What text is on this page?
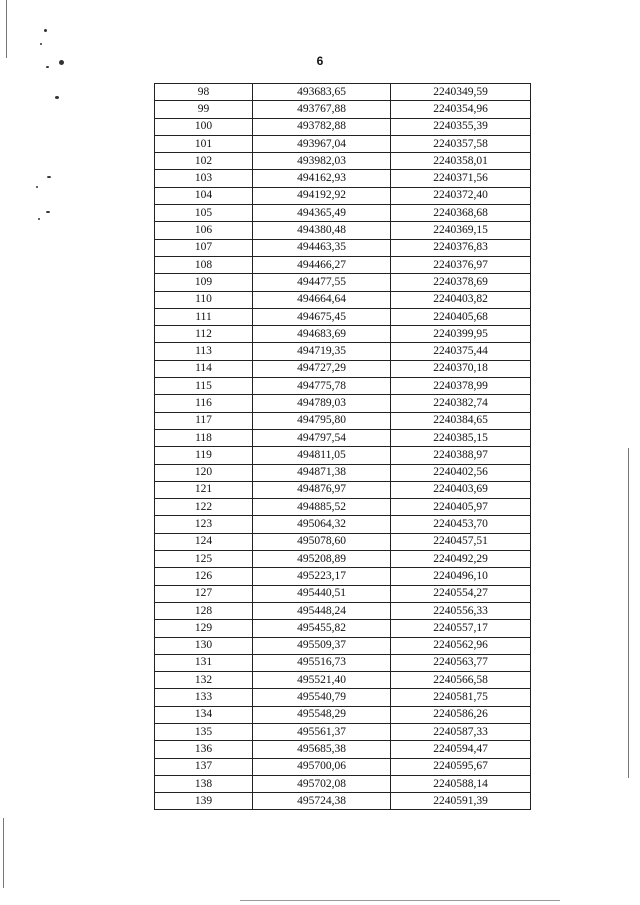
6
98	493683,65	2240349,59
99	493767,88	2240354,96
100	493782,88	2240355,39
101	493967,04	2240357,58
102	493982,03	2240358,01
103	494162,93	2240371,56
104	494192,92	2240372,40
105	494365,49	2240368,68
106	494380,48	2240369,15
107	494463,35	2240376,83
108	494466,27	2240376,97
109	494477,55	2240378,69
110	494664,64	2240403,82
111	494675,45	2240405,68
112	494683,69	2240399,95
113	494719,35	2240375,44
114	494727,29	2240370,18
115	494775,78	2240378,99
116	494789,03	2240382,74
117	494795,80	2240384,65
118	494797,54	2240385,15
119	494811,05	2240388,97
120	494871,38	2240402,56
121	494876,97	2240403,69
122	494885,52	2240405,97
123	495064,32	2240453,70
124	495078,60	2240457,51
125	495208,89	2240492,29
126	495223,17	2240496,10
127	495440,51	2240554,27
128	495448,24	2240556,33
129	495455,82	2240557,17
130	495509,37	2240562,96
131	495516,73	2240563,77
132	495521,40	2240566,58
133	495540,79	2240581,75
134	495548,29	2240586,26
135	495561,37	2240587,33
136	495685,38	2240594,47
137	495700,06	2240595,67
138	495702,08	2240588,14
139	495724,38	2240591,39
